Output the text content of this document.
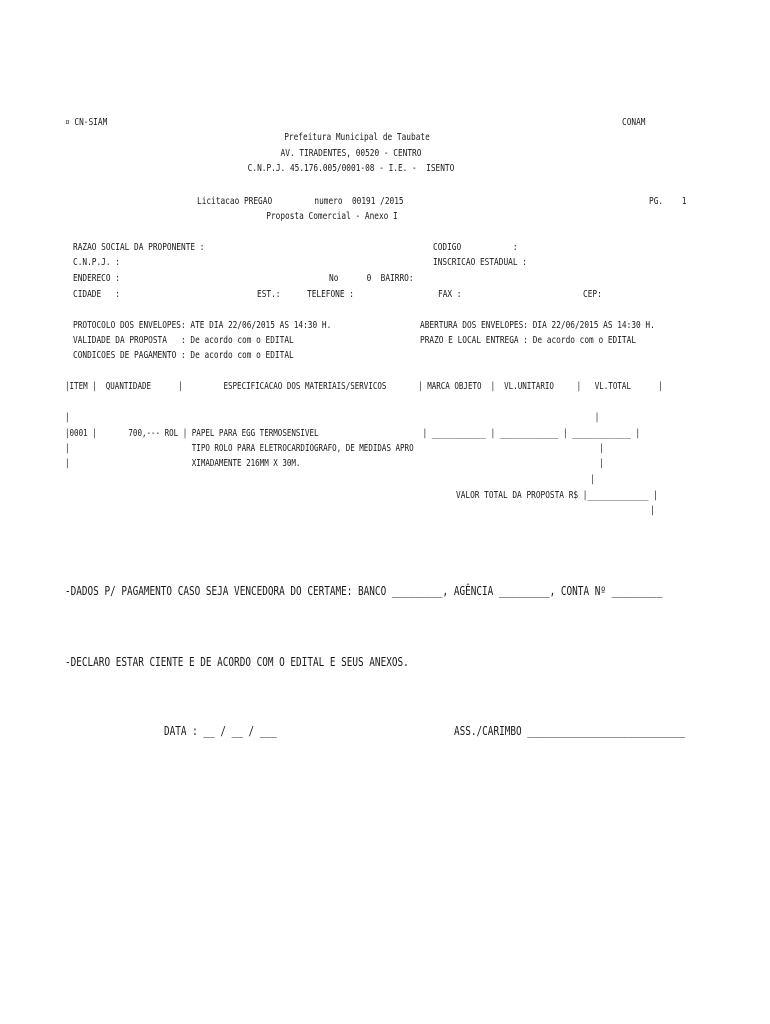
¤ CN-SIAM	CONAM
Prefeitura Municipal de Taubate
AV. TIRADENTES, 00520 - CENTRO
C.N.P.J. 45.176.005/0001-08 - I.E. -  ISENTO
Licitacao PREGAO         numero  00191 /2015	PG.    1
Proposta Comercial - Anexo I
RAZAO SOCIAL DA PROPONENTE :	CODIGO           :
C.N.P.J. :	INSCRICAO ESTADUAL :
ENDERECO :	No      0  BAIRRO:
CIDADE   :	EST.:	TELEFONE :	FAX :	CEP:
PROTOCOLO DOS ENVELOPES: ATE DIA 22/06/2015 AS 14:30 H.	ABERTURA DOS ENVELOPES: DIA 22/06/2015 AS 14:30 H.
VALIDADE DA PROPOSTA   : De acordo com o EDITAL	PRAZO E LOCAL ENTREGA : De acordo com o EDITAL
CONDICOES DE PAGAMENTO : De acordo com o EDITAL
|ITEM |  QUANTIDADE      |         ESPECIFICACAO DOS MATERIAIS/SERVICOS       | MARCA OBJETO  |  VL.UNITARIO     |   VL.TOTAL      |
|                                                                                                                    |
|0001 |       700,--- ROL | PAPEL PARA EGG TERMOSENSIVEL                       | ____________ | _____________ | _____________ |
|                           TIPO ROLO PARA ELETROCARDIOGRAFO, DE MEDIDAS APRO                                         |
|                           XIMADAMENTE 216MM X 30M.                                                                  |
|
VALOR TOTAL DA PROPOSTA R$ |_____________ |
|
-DADOS P/ PAGAMENTO CASO SEJA VENCEDORA DO CERTAME: BANCO _________, AGÊNCIA _________, CONTA Nº _________
-DECLARO ESTAR CIENTE E DE ACORDO COM O EDITAL E SEUS ANEXOS.
DATA : __ / __ / ___	ASS./CARIMBO ____________________________
